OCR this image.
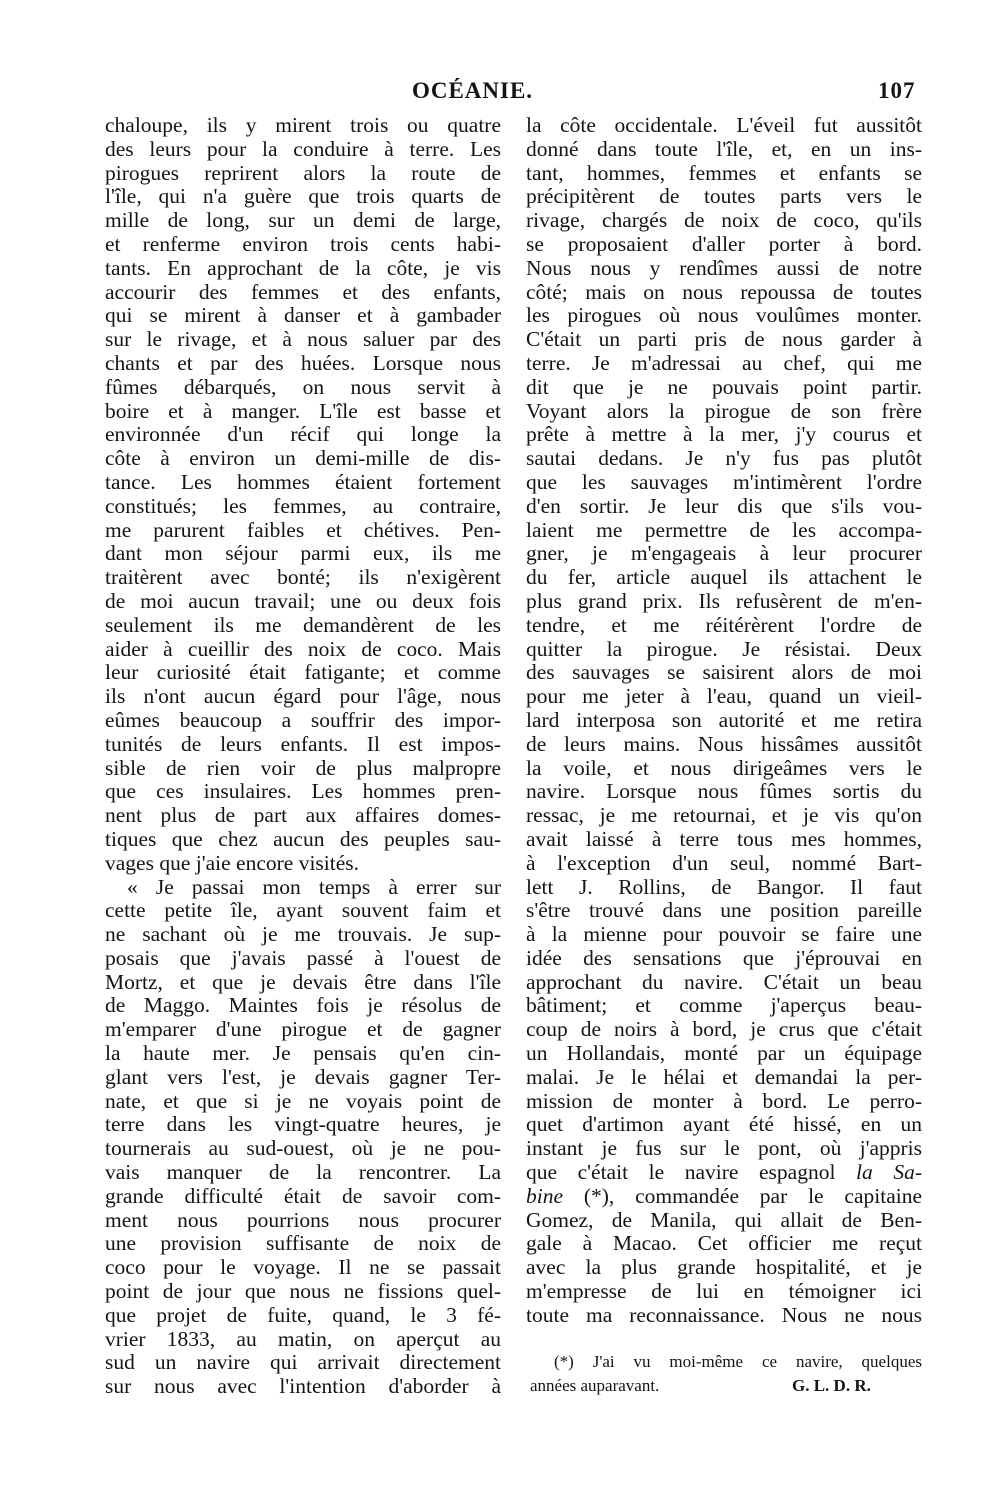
OCÉANIE.	107
chaloupe, ils y mirent trois ou quatre
des leurs pour la conduire à terre. Les
pirogues reprirent alors la route de
l'île, qui n'a guère que trois quarts de
mille de long, sur un demi de large,
et renferme environ trois cents habi-
tants. En approchant de la côte, je vis
accourir des femmes et des enfants,
qui se mirent à danser et à gambader
sur le rivage, et à nous saluer par des
chants et par des huées. Lorsque nous
fûmes débarqués, on nous servit à
boire et à manger. L'île est basse et
environnée d'un récif qui longe la
côte à environ un demi-mille de dis-
tance. Les hommes étaient fortement
constitués; les femmes, au contraire,
me parurent faibles et chétives. Pen-
dant mon séjour parmi eux, ils me
traitèrent avec bonté; ils n'exigèrent
de moi aucun travail; une ou deux fois
seulement ils me demandèrent de les
aider à cueillir des noix de coco. Mais
leur curiosité était fatigante; et comme
ils n'ont aucun égard pour l'âge, nous
eûmes beaucoup a souffrir des impor-
tunités de leurs enfants. Il est impos-
sible de rien voir de plus malpropre
que ces insulaires. Les hommes pren-
nent plus de part aux affaires domes-
tiques que chez aucun des peuples sau-
vages que j'aie encore visités.
« Je passai mon temps à errer sur
cette petite île, ayant souvent faim et
ne sachant où je me trouvais. Je sup-
posais que j'avais passé à l'ouest de
Mortz, et que je devais être dans l'île
de Maggo. Maintes fois je résolus de
m'emparer d'une pirogue et de gagner
la haute mer. Je pensais qu'en cin-
glant vers l'est, je devais gagner Ter-
nate, et que si je ne voyais point de
terre dans les vingt-quatre heures, je
tournerais au sud-ouest, où je ne pou-
vais manquer de la rencontrer. La
grande difficulté était de savoir com-
ment nous pourrions nous procurer
une provision suffisante de noix de
coco pour le voyage. Il ne se passait
point de jour que nous ne fissions quel-
que projet de fuite, quand, le 3 fé-
vrier 1833, au matin, on aperçut au
sud un navire qui arrivait directement
sur nous avec l'intention d'aborder à
la côte occidentale. L'éveil fut aussitôt
donné dans toute l'île, et, en un ins-
tant, hommes, femmes et enfants se
précipitèrent de toutes parts vers le
rivage, chargés de noix de coco, qu'ils
se proposaient d'aller porter à bord.
Nous nous y rendîmes aussi de notre
côté; mais on nous repoussa de toutes
les pirogues où nous voulûmes monter.
C'était un parti pris de nous garder à
terre. Je m'adressai au chef, qui me
dit que je ne pouvais point partir.
Voyant alors la pirogue de son frère
prête à mettre à la mer, j'y courus et
sautai dedans. Je n'y fus pas plutôt
que les sauvages m'intimèrent l'ordre
d'en sortir. Je leur dis que s'ils vou-
laient me permettre de les accompa-
gner, je m'engageais à leur procurer
du fer, article auquel ils attachent le
plus grand prix. Ils refusèrent de m'en-
tendre, et me réitérèrent l'ordre de
quitter la pirogue. Je résistai. Deux
des sauvages se saisirent alors de moi
pour me jeter à l'eau, quand un vieil-
lard interposa son autorité et me retira
de leurs mains. Nous hissâmes aussitôt
la voile, et nous dirigeâmes vers le
navire. Lorsque nous fûmes sortis du
ressac, je me retournai, et je vis qu'on
avait laissé à terre tous mes hommes,
à l'exception d'un seul, nommé Bart-
lett J. Rollins, de Bangor. Il faut
s'être trouvé dans une position pareille
à la mienne pour pouvoir se faire une
idée des sensations que j'éprouvai en
approchant du navire. C'était un beau
bâtiment; et comme j'aperçus beau-
coup de noirs à bord, je crus que c'était
un Hollandais, monté par un équipage
malai. Je le hélai et demandai la per-
mission de monter à bord. Le perro-
quet d'artimon ayant été hissé, en un
instant je fus sur le pont, où j'appris
que c'était le navire espagnol la Sa-
bine (*), commandée par le capitaine
Gomez, de Manila, qui allait de Ben-
gale à Macao. Cet officier me reçut
avec la plus grande hospitalité, et je
m'empresse de lui en témoigner ici
toute ma reconnaissance. Nous ne nous
(*) J'ai vu moi-même ce navire, quelques
années auparavant.	G. L. D. R.
